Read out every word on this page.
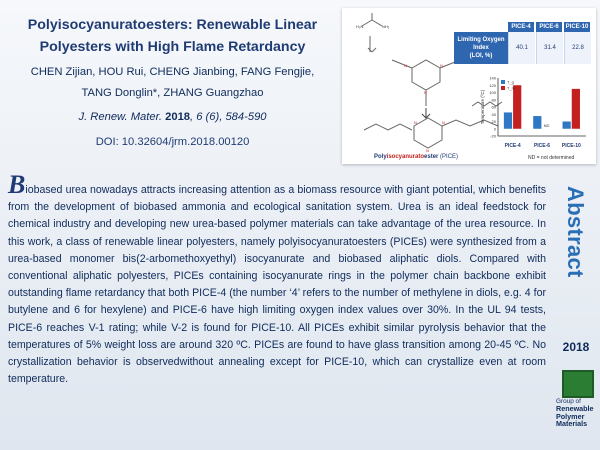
Polyisocyanuratoesters: Renewable Linear
Polyesters with High Flame Retardancy
CHEN Zijian, HOU Rui, CHENG Jianbing, FANG Fengjie,
TANG Donglin*, ZHANG Guangzhao
J. Renew. Mater. 2018, 6 (6), 584-590
DOI: 10.32604/jrm.2018.00120
H₂N	NH₂
N	N
N
N	N
N
Polyisocyanuratoester (PICE)
PICE-4	PICE-6	PICE-10
Limiting Oxygen Index
(LOI, %)
40.1	31.4	22.8
-20
0
20
40
60
80
100
120
140
Temperature (ºC)
PICE-4
ND
PICE-6 PICE-10
T_g
T_m
ND = not determined
Biobased urea nowadays attracts increasing attention as a biomass resource with giant potential, which benefits from the development of biobased ammonia and ecological sanitation system. Urea is an ideal feedstock for chemical industry and developing new urea-based polymer materials can take advantage of the urea resource. In this work, a class of renewable linear polyesters, namely polyisocyanuratoesters (PICEs) were synthesized from a urea-based monomer bis(2-arbomethoxyethyl) isocyanurate and biobased aliphatic diols. Compared with conventional aliphatic polyesters, PICEs containing isocyanurate rings in the polymer chain backbone exhibit outstanding flame retardancy that both PICE-4 (the number ‘4’ refers to the number of methylene in diols, e.g. 4 for butylene and 6 for hexylene) and PICE-6 have high limiting oxygen index values over 30%. In the UL 94 tests, PICE-6 reaches V-1 rating; while V-2 is found for PICE-10. All PICEs exhibit similar pyrolysis behavior that the temperatures of 5% weight loss are around 320 ºC. PICEs are found to have glass transition among 20-45 ºC. No crystallization behavior is observedwithout annealing except for PICE-10, which can crystallize even at room temperature.
Abstract
2018
Group of
Renewable
Polymer
Materials
